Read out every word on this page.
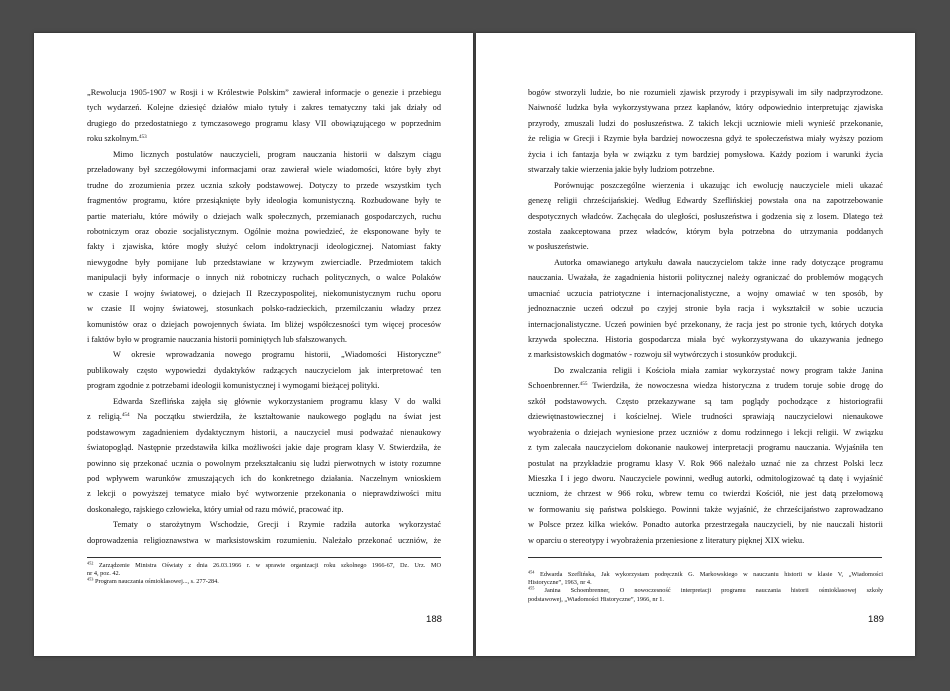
„Rewolucja 1905-1907 w Rosji i w Królestwie Polskim” zawierał informacje o genezie i przebiegu
tych wydarzeń. Kolejne dziesięć działów miało tytuły i zakres tematyczny taki jak działy od
drugiego do przedostatniego z tymczasowego programu klasy VII obowiązującego w poprzednim
roku szkolnym.$^{453}$
Mimo licznych postulatów nauczycieli, program nauczania historii w dalszym ciągu
przeładowany był szczegółowymi informacjami oraz zawierał wiele wiadomości, które były zbyt
trudne do zrozumienia przez ucznia szkoły podstawowej. Dotyczy to przede wszystkim tych
fragmentów programu, które przesiąknięte były ideologia komunistyczną. Rozbudowane były te
partie materiału, które mówiły o dziejach walk społecznych, przemianach gospodarczych, ruchu
robotniczym oraz obozie socjalistycznym. Ogólnie można powiedzieć, że eksponowane były te
fakty i zjawiska, które mogły służyć celom indoktrynacji ideologicznej. Natomiast fakty
niewygodne były pomijane lub przedstawiane w krzywym zwierciadle. Przedmiotem takich
manipulacji były informacje o innych niż robotniczy ruchach politycznych, o walce Polaków
w czasie I wojny światowej, o dziejach II Rzeczypospolitej, niekomunistycznym ruchu oporu
w czasie II wojny światowej, stosunkach polsko-radzieckich, przemilczaniu władzy przez
komunistów oraz o dziejach powojennych świata. Im bliżej współczesności tym więcej procesów
i faktów było w programie nauczania historii pominiętych lub sfałszowanych.
W okresie wprowadzania nowego programu historii, „Wiadomości Historyczne”
publikowały często wypowiedzi dydaktyków radzących nauczycielom jak interpretować ten
program zgodnie z potrzebami ideologii komunistycznej i wymogami bieżącej polityki.
Edwarda Szeflińska zajęła się głównie wykorzystaniem programu klasy V do walki
z religią.$^{454}$ Na początku stwierdziła, że kształtowanie naukowego poglądu na świat jest
podstawowym zagadnieniem dydaktycznym historii, a nauczyciel musi podważać nienaukowy
światopogląd. Następnie przedstawiła kilka możliwości jakie daje program klasy V. Stwierdziła, że
powinno się przekonać ucznia o powolnym przekształcaniu się ludzi pierwotnych w istoty rozumne
pod wpływem warunków zmuszających ich do konkretnego działania. Naczelnym wnioskiem
z lekcji o powyższej tematyce miało być wytworzenie przekonania o nieprawdziwości mitu
doskonałego, rajskiego człowieka, który umiał od razu mówić, pracować itp.
Tematy o starożytnym Wschodzie, Grecji i Rzymie radziła autorka wykorzystać
doprowadzenia religioznawstwa w marksistowskim rozumieniu. Należało przekonać uczniów, że
$^{452}$ Zarządzenie Ministra Oświaty z dnia 26.03.1966 r. w sprawie organizacji roku szkolnego 1966-67, Dz. Urz. MO
nr 4, poz. 42.
$^{453}$ Program nauczania ośmioklasowej..., s. 277-284.
188
bogów stworzyli ludzie, bo nie rozumieli zjawisk przyrody i przypisywali im siły nadprzyrodzone.
Naiwność ludzka była wykorzystywana przez kapłanów, który odpowiednio interpretując zjawiska
przyrody, zmuszali ludzi do posłuszeństwa. Z takich lekcji uczniowie mieli wynieść przekonanie,
że religia w Grecji i Rzymie była bardziej nowoczesna gdyż te społeczeństwa miały wyższy poziom
życia i ich fantazja była w związku z tym bardziej pomysłowa. Każdy poziom i warunki życia
stwarzały takie wierzenia jakie były ludziom potrzebne.
Porównując poszczególne wierzenia i ukazując ich ewolucję nauczyciele mieli ukazać
genezę religii chrześcijańskiej. Według Edwardy Szeflińskiej powstała ona na zapotrzebowanie
despotycznych władców. Zachęcała do uległości, posłuszeństwa i godzenia się z losem. Dlatego też
została zaakceptowana przez władców, którym była potrzebna do utrzymania poddanych
w posłuszeństwie.
Autorka omawianego artykułu dawała nauczycielom także inne rady dotyczące programu
nauczania. Uważała, że zagadnienia historii politycznej należy ograniczać do problemów mogących
umacniać uczucia patriotyczne i internacjonalistyczne, a wojny omawiać w ten sposób, by
jednoznacznie uczeń odczuł po czyjej stronie była racja i wykształcił w sobie uczucia
internacjonalistyczne. Uczeń powinien być przekonany, że racja jest po stronie tych, których dotyka
krzywda społeczna. Historia gospodarcza miała być wykorzystywana do ukazywania jednego
z marksistowskich dogmatów - rozwoju sił wytwórczych i stosunków produkcji.
Do zwalczania religii i Kościoła miała zamiar wykorzystać nowy program także Janina
Schoenbrenner.$^{455}$ Twierdziła, że nowoczesna wiedza historyczna z trudem toruje sobie drogę do
szkół podstawowych. Często przekazywane są tam poglądy pochodzące z historiografii
dziewiętnastowiecznej i kościelnej. Wiele trudności sprawiają nauczycielowi nienaukowe
wyobrażenia o dziejach wyniesione przez uczniów z domu rodzinnego i lekcji religii. W związku
z tym zalecała nauczycielom dokonanie naukowej interpretacji programu nauczania. Wyjaśniła ten
postulat na przykładzie programu klasy V. Rok 966 należało uznać nie za chrzest Polski lecz
Mieszka I i jego dworu. Nauczyciele powinni, według autorki, odmitologizować tą datę i wyjaśnić
uczniom, że chrzest w 966 roku, wbrew temu co twierdzi Kościół, nie jest datą przełomową
w formowaniu się państwa polskiego. Powinni także wyjaśnić, że chrześcijaństwo zaprowadzano
w Polsce przez kilka wieków. Ponadto autorka przestrzegała nauczycieli, by nie nauczali historii
w oparciu o stereotypy i wyobrażenia przeniesione z literatury pięknej XIX wieku.
$^{454}$ Edwarda Szeflińska, Jak wykorzystam podręcznik G. Markowskiego w nauczaniu historii w klasie V, „Wiadomości
Historyczne”, 1963, nr 4.
$^{455}$ Janina Schoenbrenner, O nowoczesność interpretacji programu nauczania historii ośmioklasowej szkoły
podstawowej, „Wiadomości Historyczne”, 1966, nr 1.
189
